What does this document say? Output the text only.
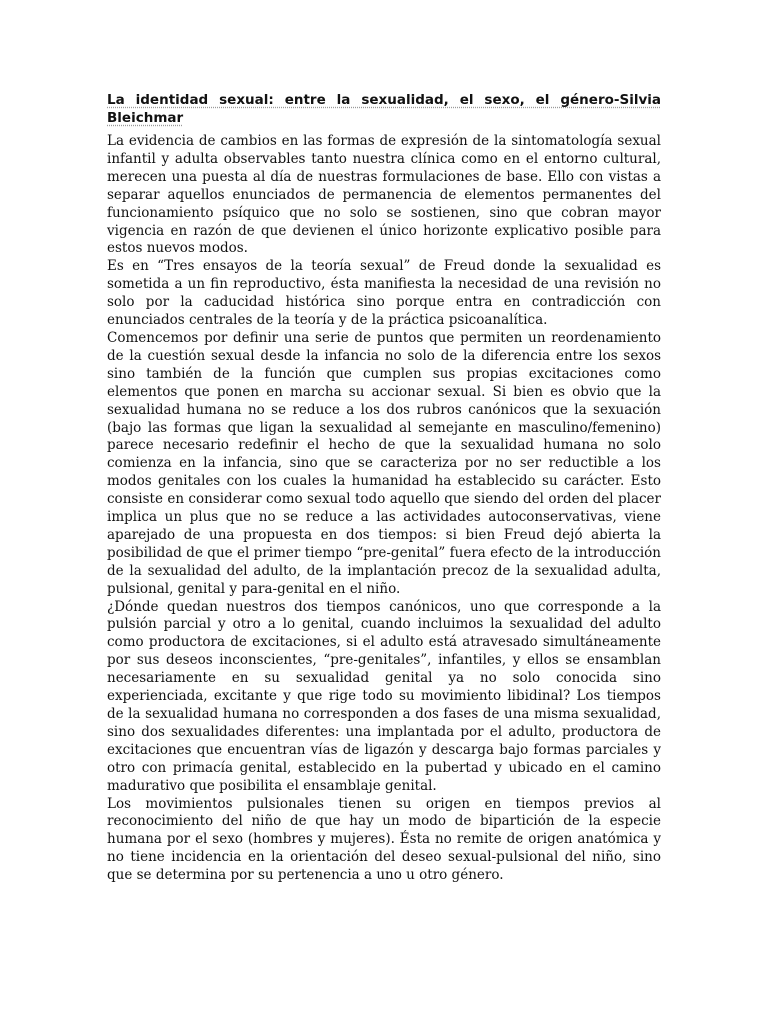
La identidad sexual: entre la sexualidad, el sexo, el género-Silvia Bleichmar

La evidencia de cambios en las formas de expresión de la sintomatología sexual infantil y adulta observables tanto nuestra clínica como en el entorno cultural, merecen una puesta al día de nuestras formulaciones de base. Ello con vistas a separar aquellos enunciados de permanencia de elementos permanentes del funcionamiento psíquico que no solo se sostienen, sino que cobran mayor vigencia en razón de que devienen el único horizonte explicativo posible para estos nuevos modos.

Es en “Tres ensayos de la teoría sexual” de Freud donde la sexualidad es sometida a un fin reproductivo, ésta manifiesta la necesidad de una revisión no solo por la caducidad histórica sino porque entra en contradicción con enunciados centrales de la teoría y de la práctica psicoanalítica.

Comencemos por definir una serie de puntos que permiten un reordenamiento de la cuestión sexual desde la infancia no solo de la diferencia entre los sexos sino también de la función que cumplen sus propias excitaciones como elementos que ponen en marcha su accionar sexual. Si bien es obvio que la sexualidad humana no se reduce a los dos rubros canónicos que la sexuación (bajo las formas que ligan la sexualidad al semejante en masculino/femenino) parece necesario redefinir el hecho de que la sexualidad humana no solo comienza en la infancia, sino que se caracteriza por no ser reductible a los modos genitales con los cuales la humanidad ha establecido su carácter. Esto consiste en considerar como sexual todo aquello que siendo del orden del placer implica un plus que no se reduce a las actividades autoconservativas, viene aparejado de una propuesta en dos tiempos: si bien Freud dejó abierta la posibilidad de que el primer tiempo “pre-genital” fuera efecto de la introducción de la sexualidad del adulto, de la implantación precoz de la sexualidad adulta, pulsional, genital y para-genital en el niño.

¿Dónde quedan nuestros dos tiempos canónicos, uno que corresponde a la pulsión parcial y otro a lo genital, cuando incluimos la sexualidad del adulto como productora de excitaciones, si el adulto está atravesado simultáneamente por sus deseos inconscientes, “pre-genitales”, infantiles, y ellos se ensamblan necesariamente en su sexualidad genital ya no solo conocida sino experienciada, excitante y que rige todo su movimiento libidinal? Los tiempos de la sexualidad humana no corresponden a dos fases de una misma sexualidad, sino dos sexualidades diferentes: una implantada por el adulto, productora de excitaciones que encuentran vías de ligazón y descarga bajo formas parciales y otro con primacía genital, establecido en la pubertad y ubicado en el camino madurativo que posibilita el ensamblaje genital.

Los movimientos pulsionales tienen su origen en tiempos previos al reconocimiento del niño de que hay un modo de bipartición de la especie humana por el sexo (hombres y mujeres). Ésta no remite de origen anatómica y no tiene incidencia en la orientación del deseo sexual-pulsional del niño, sino que se determina por su pertenencia a uno u otro género.
